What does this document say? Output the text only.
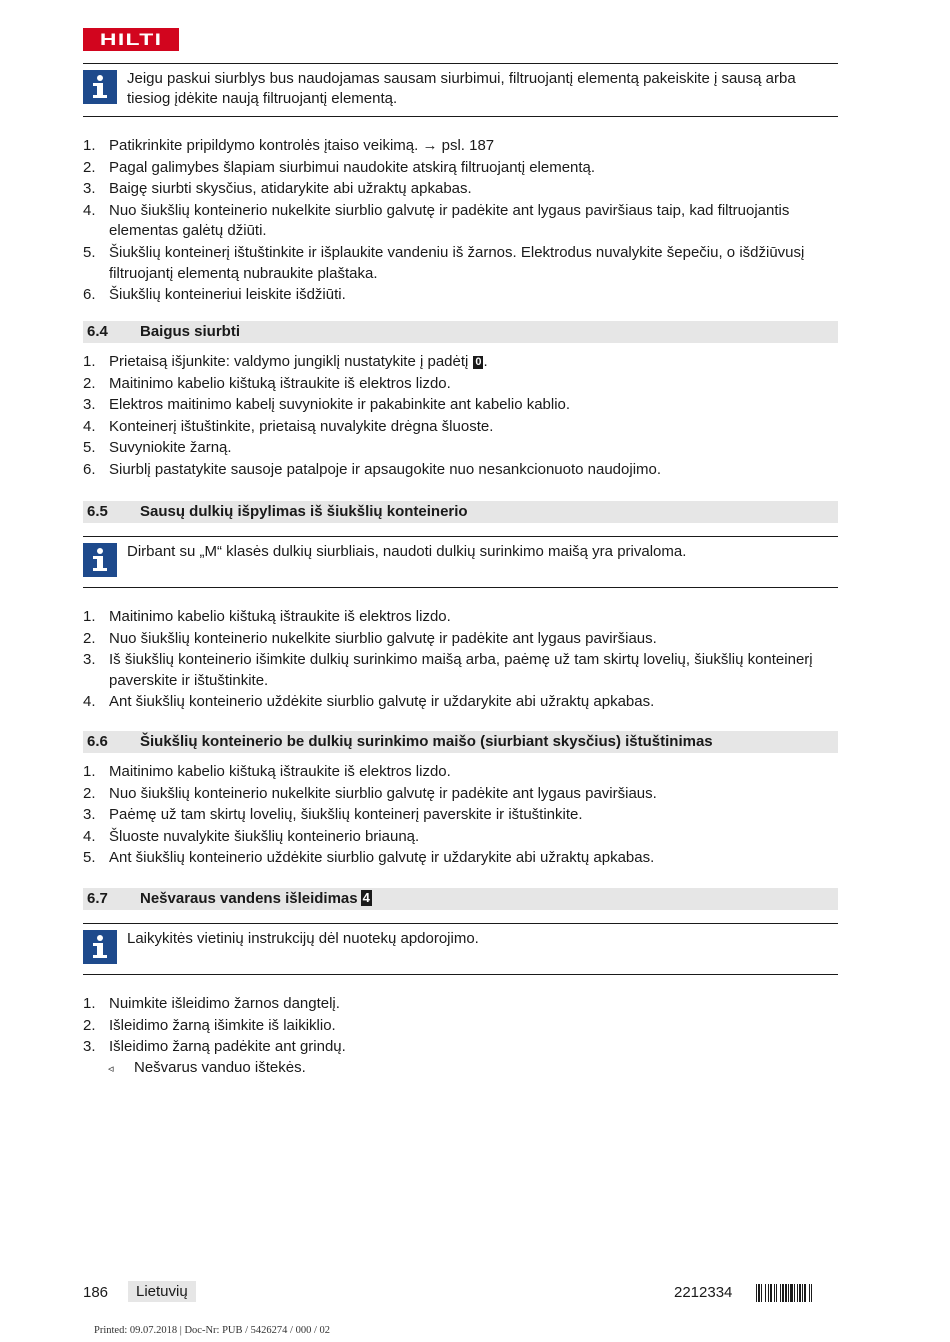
HILTI
Jeigu paskui siurblys bus naudojamas sausam siurbimui, filtruojantį elementą pakeiskite į sausą arba tiesiog įdėkite naują filtruojantį elementą.
1. Patikrinkite pripildymo kontrolės įtaiso veikimą. → psl. 187
2. Pagal galimybes šlapiam siurbimui naudokite atskirą filtruojantį elementą.
3. Baigę siurbti skysčius, atidarykite abi užraktų apkabas.
4. Nuo šiukšlių konteinerio nukelkite siurblio galvutę ir padėkite ant lygaus paviršiaus taip, kad filtruojantis elementas galėtų džiūti.
5. Šiukšlių konteinerį ištuštinkite ir išplaukite vandeniu iš žarnos. Elektrodus nuvalykite šepečiu, o išdžiūvusį filtruojantį elementą nubraukite plaštaka.
6. Šiukšlių konteineriui leiskite išdžiūti.
6.4 Baigus siurbti
1. Prietaisą išjunkite: valdymo jungiklį nustatykite į padėtį 0 .
2. Maitinimo kabelio kištuką ištraukite iš elektros lizdo.
3. Elektros maitinimo kabelį suvyniokite ir pakabinkite ant kabelio kablio.
4. Konteinerį ištuštinkite, prietaisą nuvalykite drėgna šluoste.
5. Suvyniokite žarną.
6. Siurblį pastatykite sausoje patalpoje ir apsaugokite nuo nesankcionuoto naudojimo.
6.5 Sausų dulkių išpylimas iš šiukšlių konteinerio
Dirbant su „M“ klasės dulkių siurbliais, naudoti dulkių surinkimo maišą yra privaloma.
1. Maitinimo kabelio kištuką ištraukite iš elektros lizdo.
2. Nuo šiukšlių konteinerio nukelkite siurblio galvutę ir padėkite ant lygaus paviršiaus.
3. Iš šiukšlių konteinerio išimkite dulkių surinkimo maišą arba, paėmę už tam skirtų lovelių, šiukšlių konteinerį paverskite ir ištuštinkite.
4. Ant šiukšlių konteinerio uždėkite siurblio galvutę ir uždarykite abi užraktų apkabas.
6.6 Šiukšlių konteinerio be dulkių surinkimo maišo (siurbiant skysčius) ištuštinimas
1. Maitinimo kabelio kištuką ištraukite iš elektros lizdo.
2. Nuo šiukšlių konteinerio nukelkite siurblio galvutę ir padėkite ant lygaus paviršiaus.
3. Paėmę už tam skirtų lovelių, šiukšlių konteinerį paverskite ir ištuštinkite.
4. Šluoste nuvalykite šiukšlių konteinerio briauną.
5. Ant šiukšlių konteinerio uždėkite siurblio galvutę ir uždarykite abi užraktų apkabas.
6.7 Nešvaraus vandens išleidimas 4
Laikykitės vietinių instrukcijų dėl nuotekų apdorojimo.
1. Nuimkite išleidimo žarnos dangtelį.
2. Išleidimo žarną išimkite iš laikiklio.
3. Išleidimo žarną padėkite ant grindų.
◃ Nešvarus vanduo ištekės.
186	Lietuvių	2212334
Printed: 09.07.2018 | Doc-Nr: PUB / 5426274 / 000 / 02
